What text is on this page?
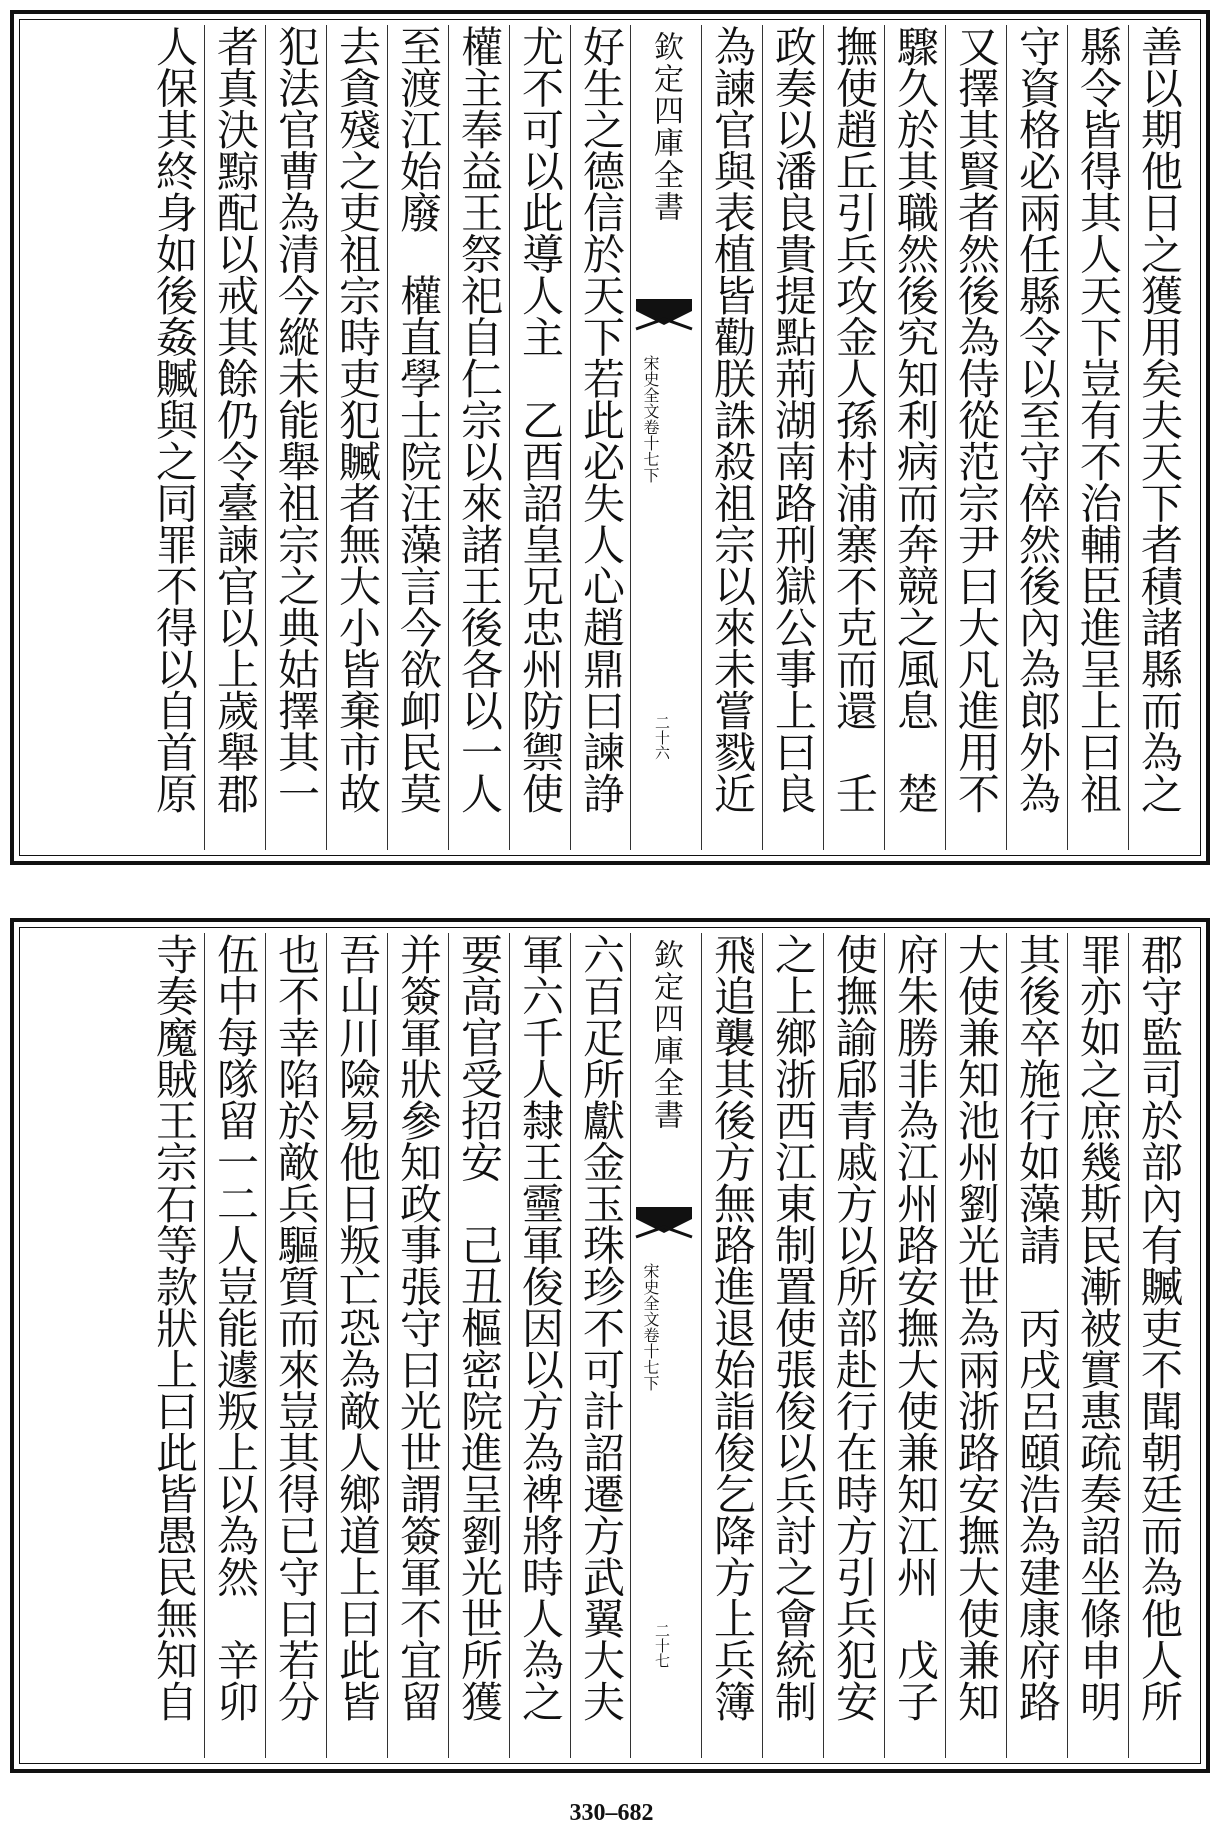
善以期他日之獲用矣夫天下者積諸縣而為之
縣令皆得其人天下豈有不治輔臣進呈上曰祖
守資格必兩任縣令以至守倅然後內為郎外為
又擇其賢者然後為侍從范宗尹曰大凡進用不
驟久於其職然後究知利病而奔競之風息　楚
撫使趙丘引兵攻金人孫村浦寨不克而還　壬
政奏以潘良貴提點荊湖南路刑獄公事上曰良
為諫官與表植皆勸朕誅殺祖宗以來未嘗戮近
好生之德信於天下若此必失人心趙鼎曰諫諍
尤不可以此導人主　乙酉詔皇兄忠州防禦使
權主奉益王祭祀自仁宗以來諸王後各以一人
至渡江始廢　權直學士院汪藻言今欲卹民莫
去貪殘之吏祖宗時吏犯贓者無大小皆棄市故
犯法官曹為清今縱未能舉祖宗之典姑擇其一
者真決黥配以戒其餘仍令臺諫官以上歲舉郡
人保其終身如後姦贓與之同罪不得以自首原
欽定四庫全書
宋史全文卷十七下
二十六
郡守監司於部內有贓吏不聞朝廷而為他人所
罪亦如之庶幾斯民漸被實惠疏奏詔坐條申明
其後卒施行如藻請　丙戌呂頤浩為建康府路
大使兼知池州劉光世為兩浙路安撫大使兼知
府朱勝非為江州路安撫大使兼知江州　戊子
使撫諭郈青戚方以所部赴行在時方引兵犯安
之上鄉浙西江東制置使張俊以兵討之會統制
飛追襲其後方無路進退始詣俊乞降方上兵簿
六百疋所獻金玉珠珍不可計詔遷方武翼大夫
軍六千人隸王𤫊軍俊因以方為裨將時人為之
要高官受招安　己丑樞密院進呈劉光世所獲
并簽軍狀參知政事張守曰光世謂簽軍不宜留
吾山川險易他日叛亡恐為敵人鄉道上曰此皆
也不幸陷於敵兵驅質而來豈其得已守曰若分
伍中每隊留一二人豈能遽叛上以為然　辛卯
寺奏魔賊王宗石等款狀上曰此皆愚民無知自
欽定四庫全書
宋史全文卷十七下
二十七
330–682
